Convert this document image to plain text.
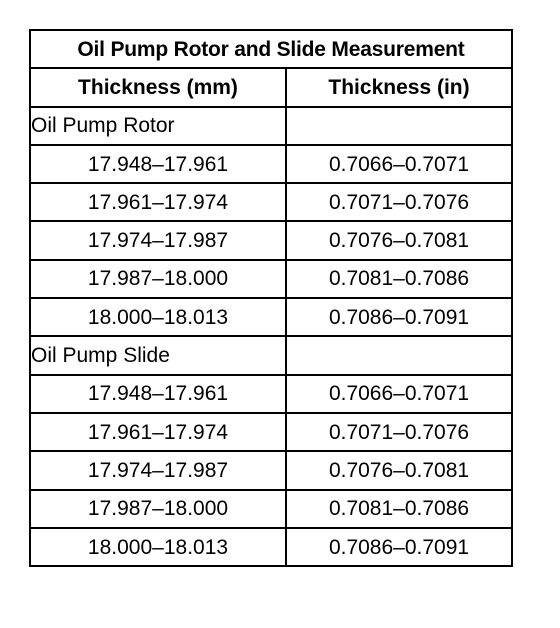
Oil Pump Rotor and Slide Measurement	
Thickness (mm)	Thickness (in)
Oil Pump Rotor	
17.948–17.961	0.7066–0.7071
17.961–17.974	0.7071–0.7076
17.974–17.987	0.7076–0.7081
17.987–18.000	0.7081–0.7086
18.000–18.013	0.7086–0.7091
Oil Pump Slide	
17.948–17.961	0.7066–0.7071
17.961–17.974	0.7071–0.7076
17.974–17.987	0.7076–0.7081
17.987–18.000	0.7081–0.7086
18.000–18.013	0.7086–0.7091
